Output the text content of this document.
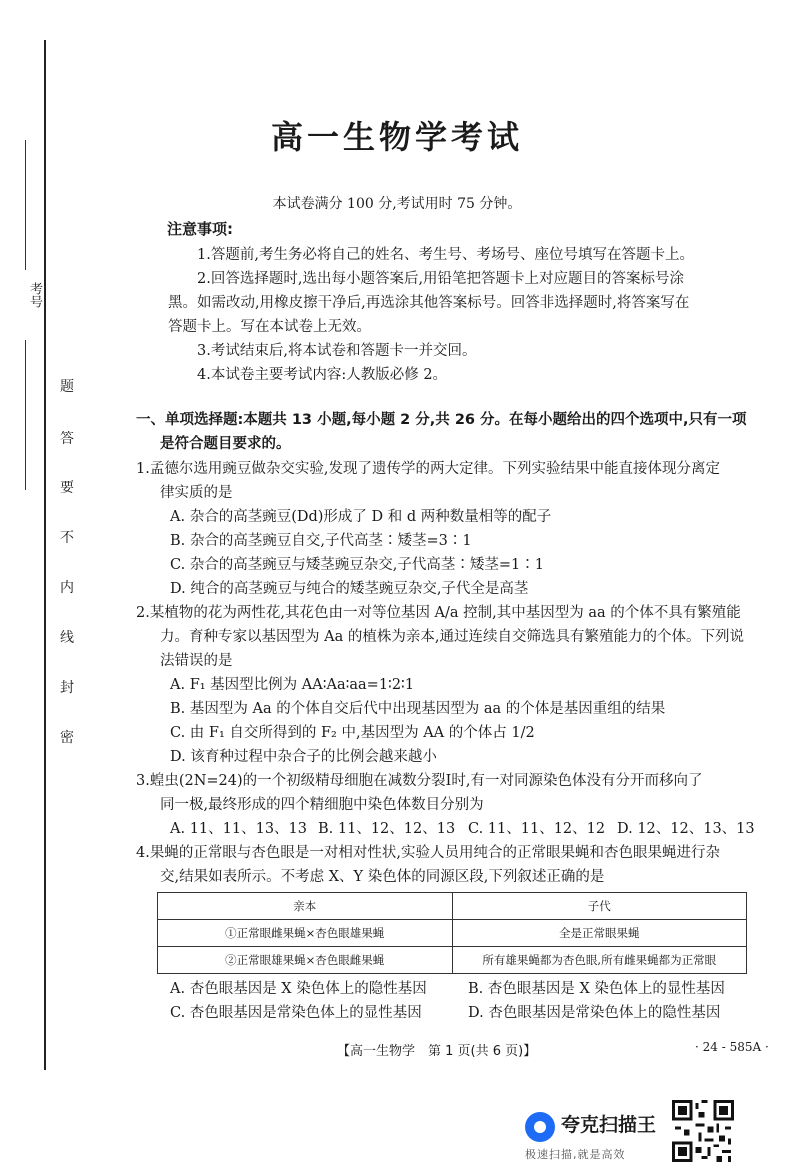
考号
题
答
要
不
内
线
封
密
高一生物学考试
本试卷满分 100 分,考试用时 75 分钟。
注意事项:
1.答题前,考生务必将自己的姓名、考生号、考场号、座位号填写在答题卡上。
2.回答选择题时,选出每小题答案后,用铅笔把答题卡上对应题目的答案标号涂
黑。如需改动,用橡皮擦干净后,再选涂其他答案标号。回答非选择题时,将答案写在
答题卡上。写在本试卷上无效。
3.考试结束后,将本试卷和答题卡一并交回。
4.本试卷主要考试内容:人教版必修 2。
一、单项选择题:本题共 13 小题,每小题 2 分,共 26 分。在每小题给出的四个选项中,只有一项
是符合题目要求的。
1.孟德尔选用豌豆做杂交实验,发现了遗传学的两大定律。下列实验结果中能直接体现分离定
律实质的是
A. 杂合的高茎豌豆(Dd)形成了 D 和 d 两种数量相等的配子
B. 杂合的高茎豌豆自交,子代高茎∶矮茎=3∶1
C. 杂合的高茎豌豆与矮茎豌豆杂交,子代高茎∶矮茎=1∶1
D. 纯合的高茎豌豆与纯合的矮茎豌豆杂交,子代全是高茎
2.某植物的花为两性花,其花色由一对等位基因 A/a 控制,其中基因型为 aa 的个体不具有繁殖能
力。育种专家以基因型为 Aa 的植株为亲本,通过连续自交筛选具有繁殖能力的个体。下列说
法错误的是
A. F₁ 基因型比例为 AA∶Aa∶aa=1∶2∶1
B. 基因型为 Aa 的个体自交后代中出现基因型为 aa 的个体是基因重组的结果
C. 由 F₁ 自交所得到的 F₂ 中,基因型为 AA 的个体占 1/2
D. 该育种过程中杂合子的比例会越来越小
3.蝗虫(2N=24)的一个初级精母细胞在减数分裂Ⅰ时,有一对同源染色体没有分开而移向了
同一极,最终形成的四个精细胞中染色体数目分别为
A. 11、11、13、13 B. 11、12、12、13 C. 11、11、12、12 D. 12、12、13、13
4.果蝇的正常眼与杏色眼是一对相对性状,实验人员用纯合的正常眼果蝇和杏色眼果蝇进行杂
交,结果如表所示。不考虑 X、Y 染色体的同源区段,下列叙述正确的是
亲本	子代
①正常眼雌果蝇×杏色眼雄果蝇	全是正常眼果蝇
②正常眼雄果蝇×杏色眼雌果蝇	所有雄果蝇都为杏色眼,所有雌果蝇都为正常眼
A. 杏色眼基因是 X 染色体上的隐性基因	B. 杏色眼基因是 X 染色体上的显性基因
C. 杏色眼基因是常染色体上的显性基因	D. 杏色眼基因是常染色体上的隐性基因
【高一生物学　第 1 页(共 6 页)】	· 24 - 585A ·
夸克扫描王
极速扫描,就是高效
